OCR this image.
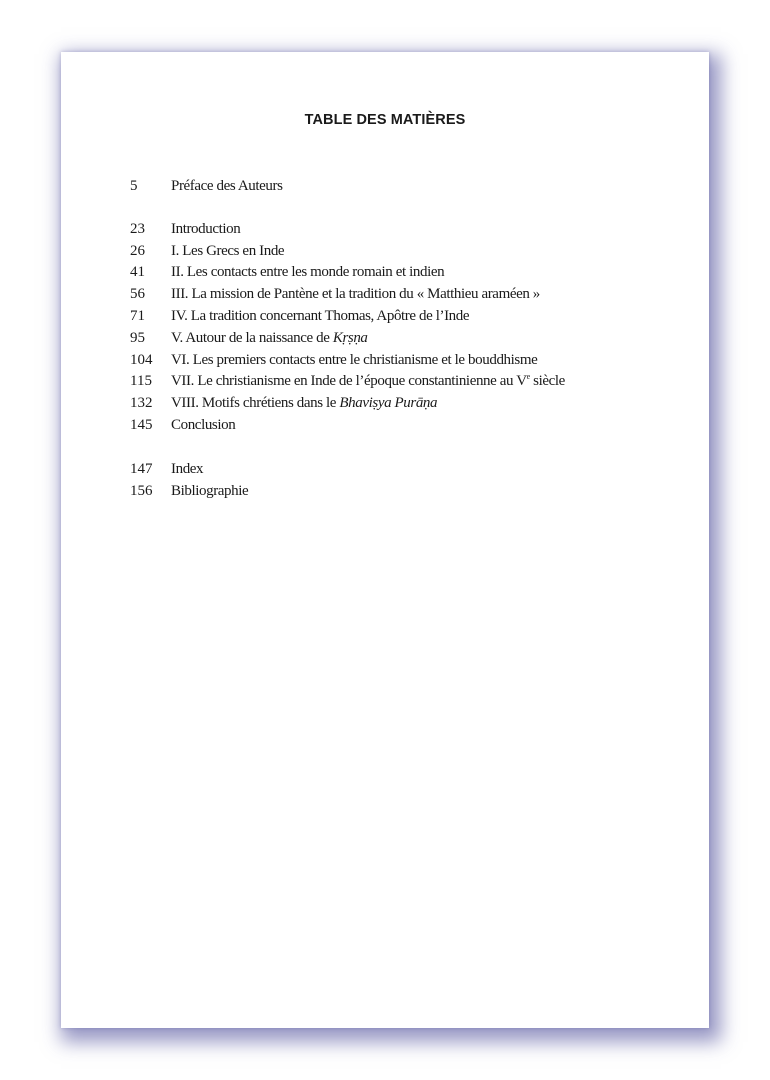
TABLE DES MATIÈRES
5	Préface des Auteurs
23	Introduction
26	I. Les Grecs en Inde
41	II. Les contacts entre les monde romain et indien
56	III. La mission de Pantène et la tradition du « Matthieu araméen »
71	IV. La tradition concernant Thomas, Apôtre de l’Inde
95	V. Autour de la naissance de Kṛṣṇa
104	VI. Les premiers contacts entre le christianisme et le bouddhisme
115	VII. Le christianisme en Inde de l’époque constantinienne au Ve siècle
132	VIII. Motifs chrétiens dans le Bhaviṣya Purāṇa
145	Conclusion
147	Index
156	Bibliographie
